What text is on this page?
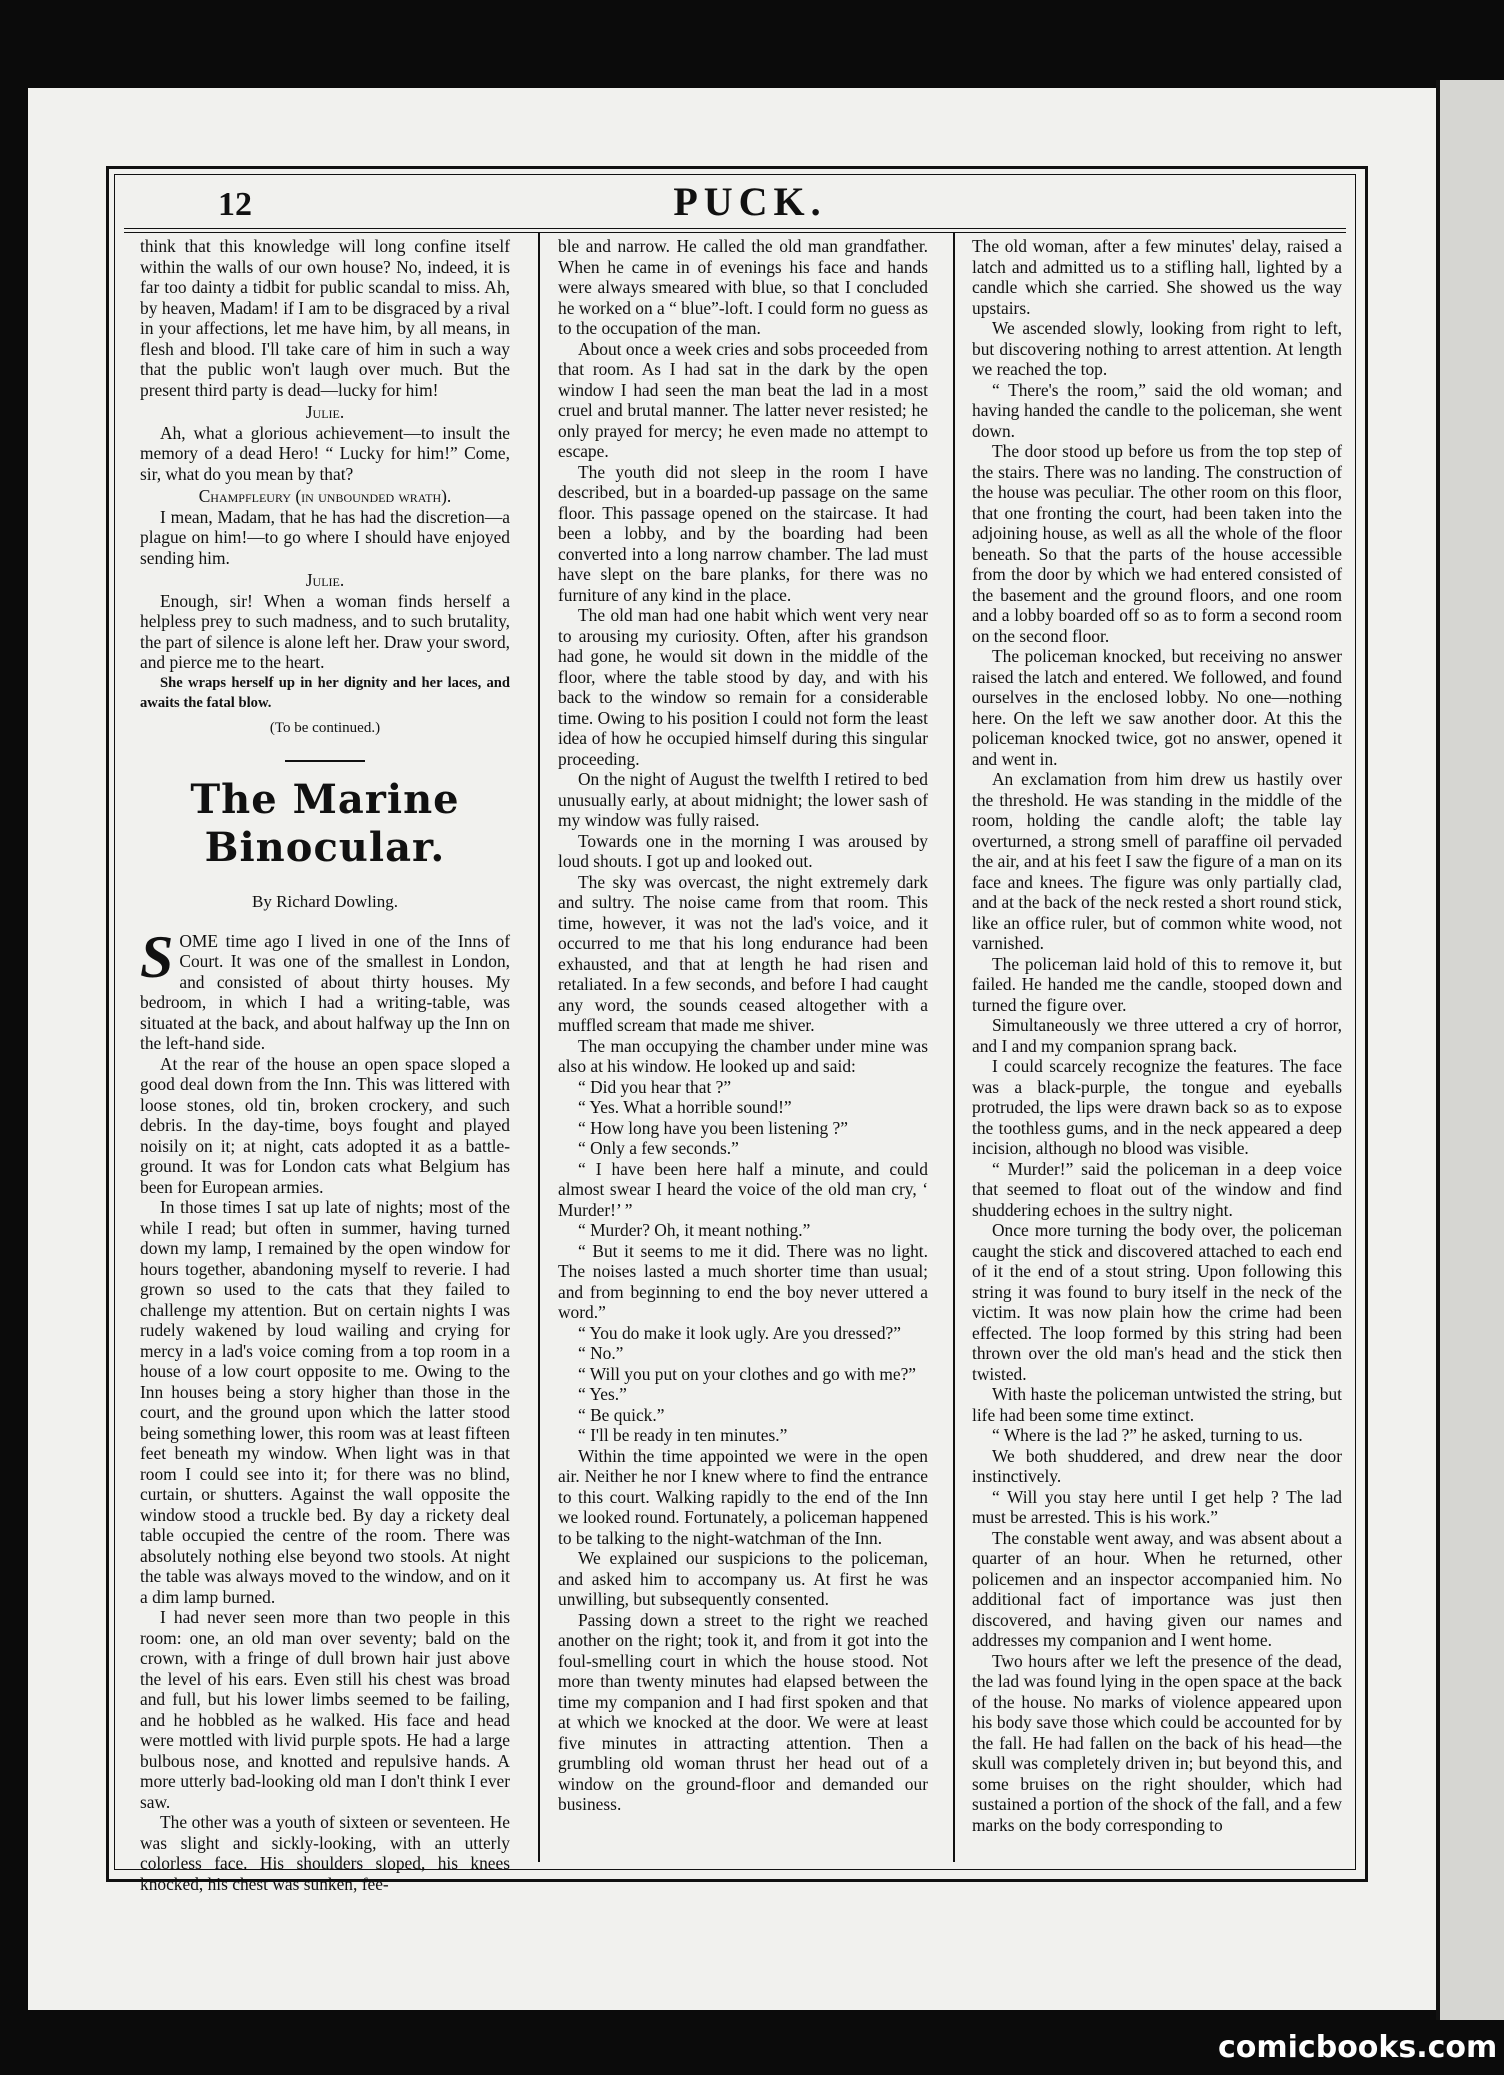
12	PUCK.

think that this knowledge will long confine itself within the walls of our own house? No, indeed, it is far too dainty a tidbit for public scandal to miss. Ah, by heaven, Madam! if I am to be disgraced by a rival in your affections, let me have him, by all means, in flesh and blood. I'll take care of him in such a way that the public won't laugh over much. But the present third party is dead—lucky for him!

Julie.

Ah, what a glorious achievement—to insult the memory of a dead Hero! “ Lucky for him!” Come, sir, what do you mean by that?

Champfleury (in unbounded wrath).

I mean, Madam, that he has had the discretion—a plague on him!—to go where I should have enjoyed sending him.

Julie.

Enough, sir! When a woman finds herself a helpless prey to such madness, and to such brutality, the part of silence is alone left her. Draw your sword, and pierce me to the heart.

She wraps herself up in her dignity and her laces, and awaits the fatal blow.

(To be continued.)

The Marine Binocular.

By Richard Dowling.

SOME time ago I lived in one of the Inns of Court. It was one of the smallest in London, and consisted of about thirty houses. My bedroom, in which I had a writing-table, was situated at the back, and about halfway up the Inn on the left-hand side.

At the rear of the house an open space sloped a good deal down from the Inn. This was littered with loose stones, old tin, broken crockery, and such debris. In the day-time, boys fought and played noisily on it; at night, cats adopted it as a battle-ground. It was for London cats what Belgium has been for European armies.

In those times I sat up late of nights; most of the while I read; but often in summer, having turned down my lamp, I remained by the open window for hours together, abandoning myself to reverie. I had grown so used to the cats that they failed to challenge my attention. But on certain nights I was rudely wakened by loud wailing and crying for mercy in a lad's voice coming from a top room in a house of a low court opposite to me. Owing to the Inn houses being a story higher than those in the court, and the ground upon which the latter stood being something lower, this room was at least fifteen feet beneath my window. When light was in that room I could see into it; for there was no blind, curtain, or shutters. Against the wall opposite the window stood a truckle bed. By day a rickety deal table occupied the centre of the room. There was absolutely nothing else beyond two stools. At night the table was always moved to the window, and on it a dim lamp burned.

I had never seen more than two people in this room: one, an old man over seventy; bald on the crown, with a fringe of dull brown hair just above the level of his ears. Even still his chest was broad and full, but his lower limbs seemed to be failing, and he hobbled as he walked. His face and head were mottled with livid purple spots. He had a large bulbous nose, and knotted and repulsive hands. A more utterly bad-looking old man I don't think I ever saw.

The other was a youth of sixteen or seventeen. He was slight and sickly-looking, with an utterly colorless face. His shoulders sloped, his knees knocked, his chest was sunken, fee-

ble and narrow. He called the old man grandfather. When he came in of evenings his face and hands were always smeared with blue, so that I concluded he worked on a “ blue”-loft. I could form no guess as to the occupation of the man.

About once a week cries and sobs proceeded from that room. As I had sat in the dark by the open window I had seen the man beat the lad in a most cruel and brutal manner. The latter never resisted; he only prayed for mercy; he even made no attempt to escape.

The youth did not sleep in the room I have described, but in a boarded-up passage on the same floor. This passage opened on the staircase. It had been a lobby, and by the boarding had been converted into a long narrow chamber. The lad must have slept on the bare planks, for there was no furniture of any kind in the place.

The old man had one habit which went very near to arousing my curiosity. Often, after his grandson had gone, he would sit down in the middle of the floor, where the table stood by day, and with his back to the window so remain for a considerable time. Owing to his position I could not form the least idea of how he occupied himself during this singular proceeding.

On the night of August the twelfth I retired to bed unusually early, at about midnight; the lower sash of my window was fully raised.

Towards one in the morning I was aroused by loud shouts. I got up and looked out.

The sky was overcast, the night extremely dark and sultry. The noise came from that room. This time, however, it was not the lad's voice, and it occurred to me that his long endurance had been exhausted, and that at length he had risen and retaliated. In a few seconds, and before I had caught any word, the sounds ceased altogether with a muffled scream that made me shiver.

The man occupying the chamber under mine was also at his window. He looked up and said:

“ Did you hear that ?”

“ Yes. What a horrible sound!”

“ How long have you been listening ?”

“ Only a few seconds.”

“ I have been here half a minute, and could almost swear I heard the voice of the old man cry, ‘ Murder!’ ”

“ Murder? Oh, it meant nothing.”

“ But it seems to me it did. There was no light. The noises lasted a much shorter time than usual; and from beginning to end the boy never uttered a word.”

“ You do make it look ugly. Are you dressed?”

“ No.”

“ Will you put on your clothes and go with me?”

“ Yes.”

“ Be quick.”

“ I'll be ready in ten minutes.”

Within the time appointed we were in the open air. Neither he nor I knew where to find the entrance to this court. Walking rapidly to the end of the Inn we looked round. Fortunately, a policeman happened to be talking to the night-watchman of the Inn.

We explained our suspicions to the policeman, and asked him to accompany us. At first he was unwilling, but subsequently consented.

Passing down a street to the right we reached another on the right; took it, and from it got into the foul-smelling court in which the house stood. Not more than twenty minutes had elapsed between the time my companion and I had first spoken and that at which we knocked at the door. We were at least five minutes in attracting attention. Then a grumbling old woman thrust her head out of a window on the ground-floor and demanded our business.

The old woman, after a few minutes' delay, raised a latch and admitted us to a stifling hall, lighted by a candle which she carried. She showed us the way upstairs.

We ascended slowly, looking from right to left, but discovering nothing to arrest attention. At length we reached the top.

“ There's the room,” said the old woman; and having handed the candle to the policeman, she went down.

The door stood up before us from the top step of the stairs. There was no landing. The construction of the house was peculiar. The other room on this floor, that one fronting the court, had been taken into the adjoining house, as well as all the whole of the floor beneath. So that the parts of the house accessible from the door by which we had entered consisted of the basement and the ground floors, and one room and a lobby boarded off so as to form a second room on the second floor.

The policeman knocked, but receiving no answer raised the latch and entered. We followed, and found ourselves in the enclosed lobby. No one—nothing here. On the left we saw another door. At this the policeman knocked twice, got no answer, opened it and went in.

An exclamation from him drew us hastily over the threshold. He was standing in the middle of the room, holding the candle aloft; the table lay overturned, a strong smell of paraffine oil pervaded the air, and at his feet I saw the figure of a man on its face and knees. The figure was only partially clad, and at the back of the neck rested a short round stick, like an office ruler, but of common white wood, not varnished.

The policeman laid hold of this to remove it, but failed. He handed me the candle, stooped down and turned the figure over.

Simultaneously we three uttered a cry of horror, and I and my companion sprang back.

I could scarcely recognize the features. The face was a black-purple, the tongue and eyeballs protruded, the lips were drawn back so as to expose the toothless gums, and in the neck appeared a deep incision, although no blood was visible.

“ Murder!” said the policeman in a deep voice that seemed to float out of the window and find shuddering echoes in the sultry night.

Once more turning the body over, the policeman caught the stick and discovered attached to each end of it the end of a stout string. Upon following this string it was found to bury itself in the neck of the victim. It was now plain how the crime had been effected. The loop formed by this string had been thrown over the old man's head and the stick then twisted.

With haste the policeman untwisted the string, but life had been some time extinct.

“ Where is the lad ?” he asked, turning to us.

We both shuddered, and drew near the door instinctively.

“ Will you stay here until I get help ? The lad must be arrested. This is his work.”

The constable went away, and was absent about a quarter of an hour. When he returned, other policemen and an inspector accompanied him. No additional fact of importance was just then discovered, and having given our names and addresses my companion and I went home.

Two hours after we left the presence of the dead, the lad was found lying in the open space at the back of the house. No marks of violence appeared upon his body save those which could be accounted for by the fall. He had fallen on the back of his head—the skull was completely driven in; but beyond this, and some bruises on the right shoulder, which had sustained a portion of the shock of the fall, and a few marks on the body corresponding to

comicbooks.com
